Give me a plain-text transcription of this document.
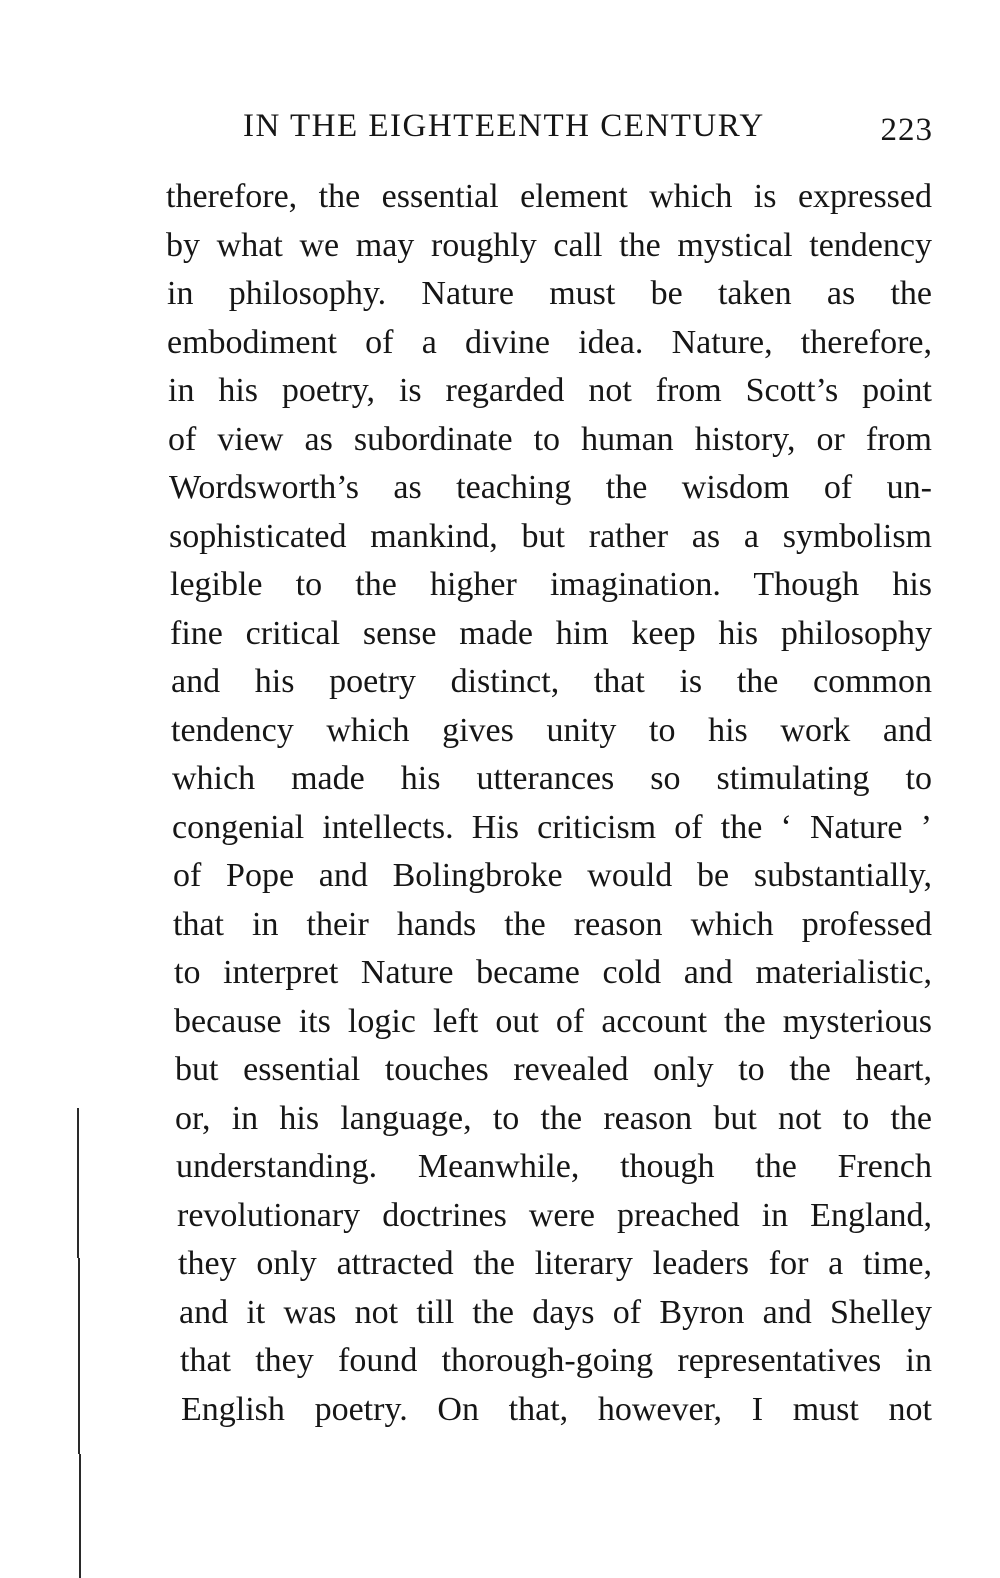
IN THE EIGHTEENTH CENTURY	223
therefore, the essential element which is expressed
by what we may roughly call the mystical tendency
in philosophy. Nature must be taken as the
embodiment of a divine idea. Nature, therefore,
in his poetry, is regarded not from Scott’s point
of view as subordinate to human history, or from
Wordsworth’s as teaching the wisdom of un-
sophisticated mankind, but rather as a symbolism
legible to the higher imagination. Though his
fine critical sense made him keep his philosophy
and his poetry distinct, that is the common
tendency which gives unity to his work and
which made his utterances so stimulating to
congenial intellects. His criticism of the ‘ Nature ’
of Pope and Bolingbroke would be substantially,
that in their hands the reason which professed
to interpret Nature became cold and materialistic,
because its logic left out of account the mysterious
but essential touches revealed only to the heart,
or, in his language, to the reason but not to the
understanding. Meanwhile, though the French
revolutionary doctrines were preached in England,
they only attracted the literary leaders for a time,
and it was not till the days of Byron and Shelley
that they found thorough-going representatives in
English poetry. On that, however, I must not
